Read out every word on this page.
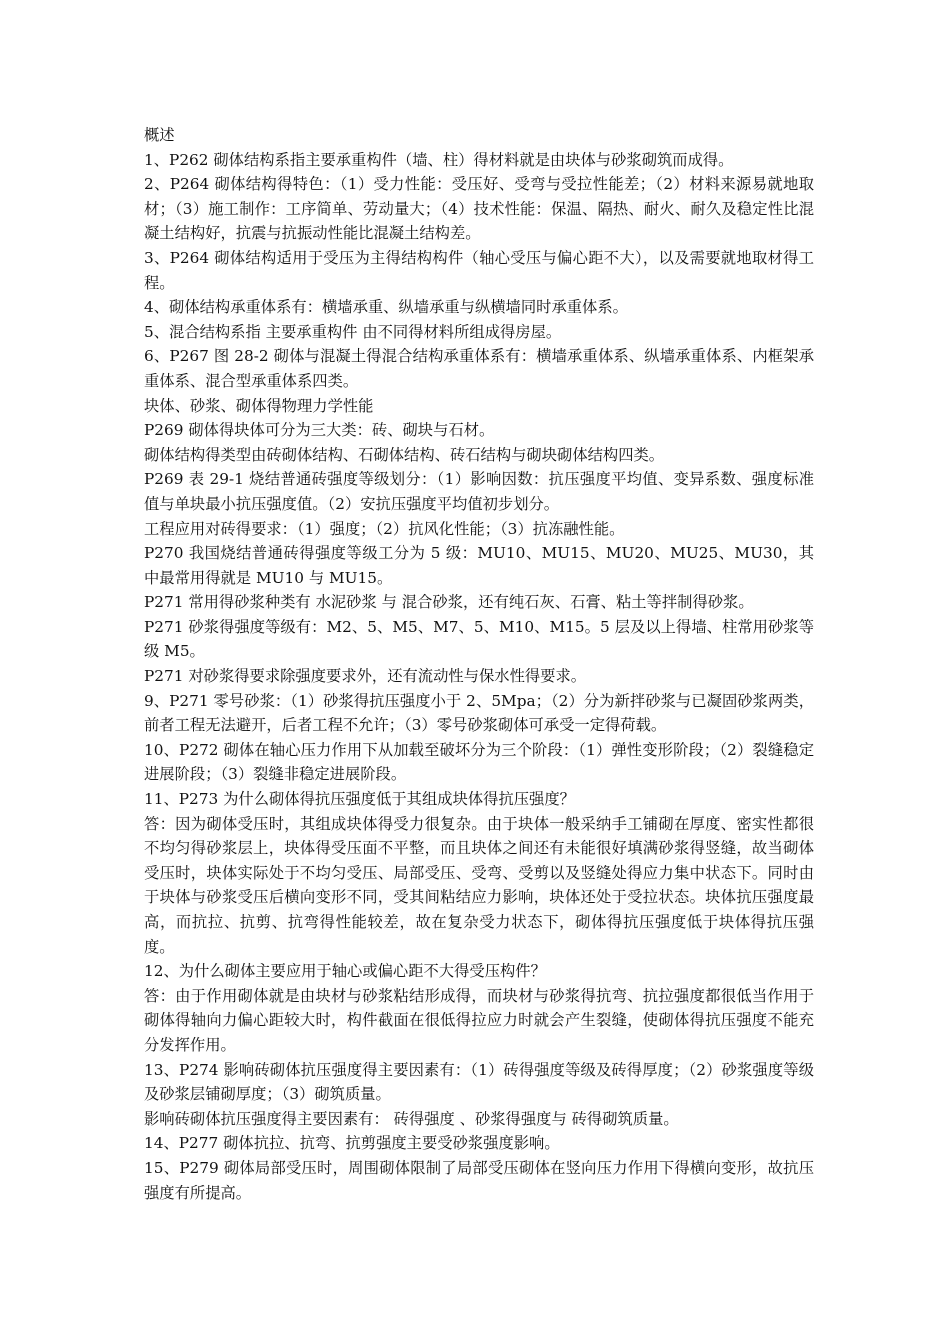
概述

1、P262 砌体结构系指主要承重构件（墙、柱）得材料就是由块体与砂浆砌筑而成得。

2、P264 砌体结构得特色：（1）受力性能：受压好、受弯与受拉性能差；（2）材料来源易就地取材；（3）施工制作：工序简单、劳动量大；（4）技术性能：保温、隔热、耐火、耐久及稳定性比混凝土结构好，抗震与抗振动性能比混凝土结构差。

3、P264 砌体结构适用于受压为主得结构构件（轴心受压与偏心距不大），以及需要就地取材得工程。

4、砌体结构承重体系有：横墙承重、纵墙承重与纵横墙同时承重体系。

5、混合结构系指 主要承重构件 由不同得材料所组成得房屋。

6、P267 图 28-2 砌体与混凝土得混合结构承重体系有：横墙承重体系、纵墙承重体系、内框架承重体系、混合型承重体系四类。

块体、砂浆、砌体得物理力学性能

P269 砌体得块体可分为三大类：砖、砌块与石材。

砌体结构得类型由砖砌体结构、石砌体结构、砖石结构与砌块砌体结构四类。

P269 表 29-1 烧结普通砖强度等级划分：（1）影响因数：抗压强度平均值、变异系数、强度标准值与单块最小抗压强度值。（2）安抗压强度平均值初步划分。

工程应用对砖得要求：（1）强度；（2）抗风化性能；（3）抗冻融性能。

P270 我国烧结普通砖得强度等级工分为 5 级：MU10、MU15、MU20、MU25、MU30，其中最常用得就是 MU10 与 MU15。

P271 常用得砂浆种类有 水泥砂浆 与 混合砂浆，还有纯石灰、石膏、粘土等拌制得砂浆。

P271 砂浆得强度等级有：M2、5、M5、M7、5、M10、M15。5 层及以上得墙、柱常用砂浆等级 M5。

P271 对砂浆得要求除强度要求外，还有流动性与保水性得要求。

9、P271 零号砂浆：（1）砂浆得抗压强度小于 2、5Mpa；（2）分为新拌砂浆与已凝固砂浆两类，前者工程无法避开，后者工程不允许；（3）零号砂浆砌体可承受一定得荷载。

10、P272 砌体在轴心压力作用下从加载至破坏分为三个阶段：（1）弹性变形阶段；（2）裂缝稳定进展阶段；（3）裂缝非稳定进展阶段。

11、P273 为什么砌体得抗压强度低于其组成块体得抗压强度？

答：因为砌体受压时，其组成块体得受力很复杂。由于块体一般采纳手工铺砌在厚度、密实性都很不均匀得砂浆层上，块体得受压面不平整，而且块体之间还有未能很好填满砂浆得竖缝，故当砌体受压时，块体实际处于不均匀受压、局部受压、受弯、受剪以及竖缝处得应力集中状态下。同时由于块体与砂浆受压后横向变形不同，受其间粘结应力影响，块体还处于受拉状态。块体抗压强度最高，而抗拉、抗剪、抗弯得性能较差，故在复杂受力状态下，砌体得抗压强度低于块体得抗压强度。

12、为什么砌体主要应用于轴心或偏心距不大得受压构件？

答：由于作用砌体就是由块材与砂浆粘结形成得，而块材与砂浆得抗弯、抗拉强度都很低当作用于砌体得轴向力偏心距较大时，构件截面在很低得拉应力时就会产生裂缝，使砌体得抗压强度不能充分发挥作用。

13、P274 影响砖砌体抗压强度得主要因素有：（1）砖得强度等级及砖得厚度；（2）砂浆强度等级及砂浆层铺砌厚度；（3）砌筑质量。

影响砖砌体抗压强度得主要因素有： 砖得强度 、砂浆得强度与 砖得砌筑质量。

14、P277 砌体抗拉、抗弯、抗剪强度主要受砂浆强度影响。

15、P279 砌体局部受压时，周围砌体限制了局部受压砌体在竖向压力作用下得横向变形，故抗压强度有所提高。
